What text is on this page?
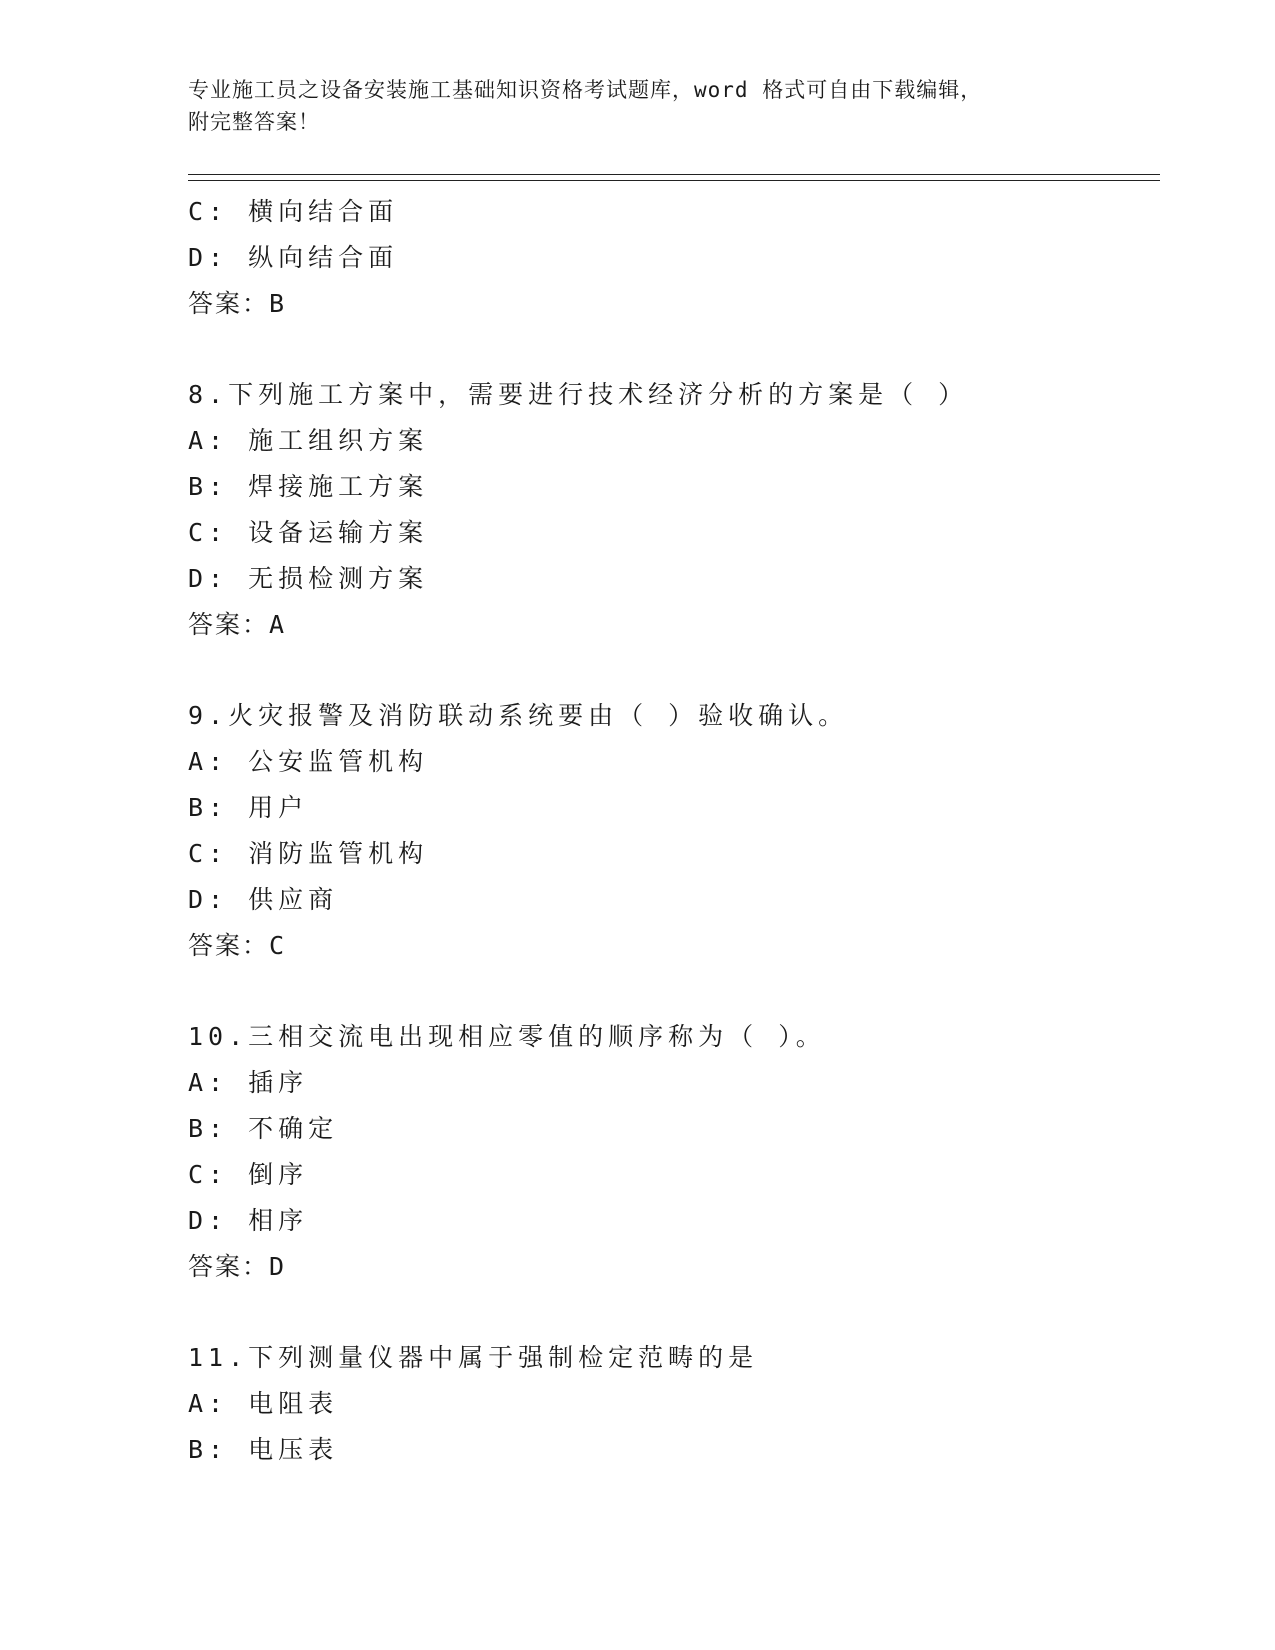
专业施工员之设备安装施工基础知识资格考试题库，word 格式可自由下载编辑，
附完整答案！

C: 横向结合面
D: 纵向结合面
答案：B
8.下列施工方案中，需要进行技术经济分析的方案是（ ）
A: 施工组织方案
B: 焊接施工方案
C: 设备运输方案
D: 无损检测方案
答案：A
9.火灾报警及消防联动系统要由（ ）验收确认。
A: 公安监管机构
B: 用户
C: 消防监管机构
D: 供应商
答案：C
10.三相交流电出现相应零值的顺序称为（ ）。
A: 插序
B: 不确定
C: 倒序
D: 相序
答案：D
11.下列测量仪器中属于强制检定范畴的是
A: 电阻表
B: 电压表
